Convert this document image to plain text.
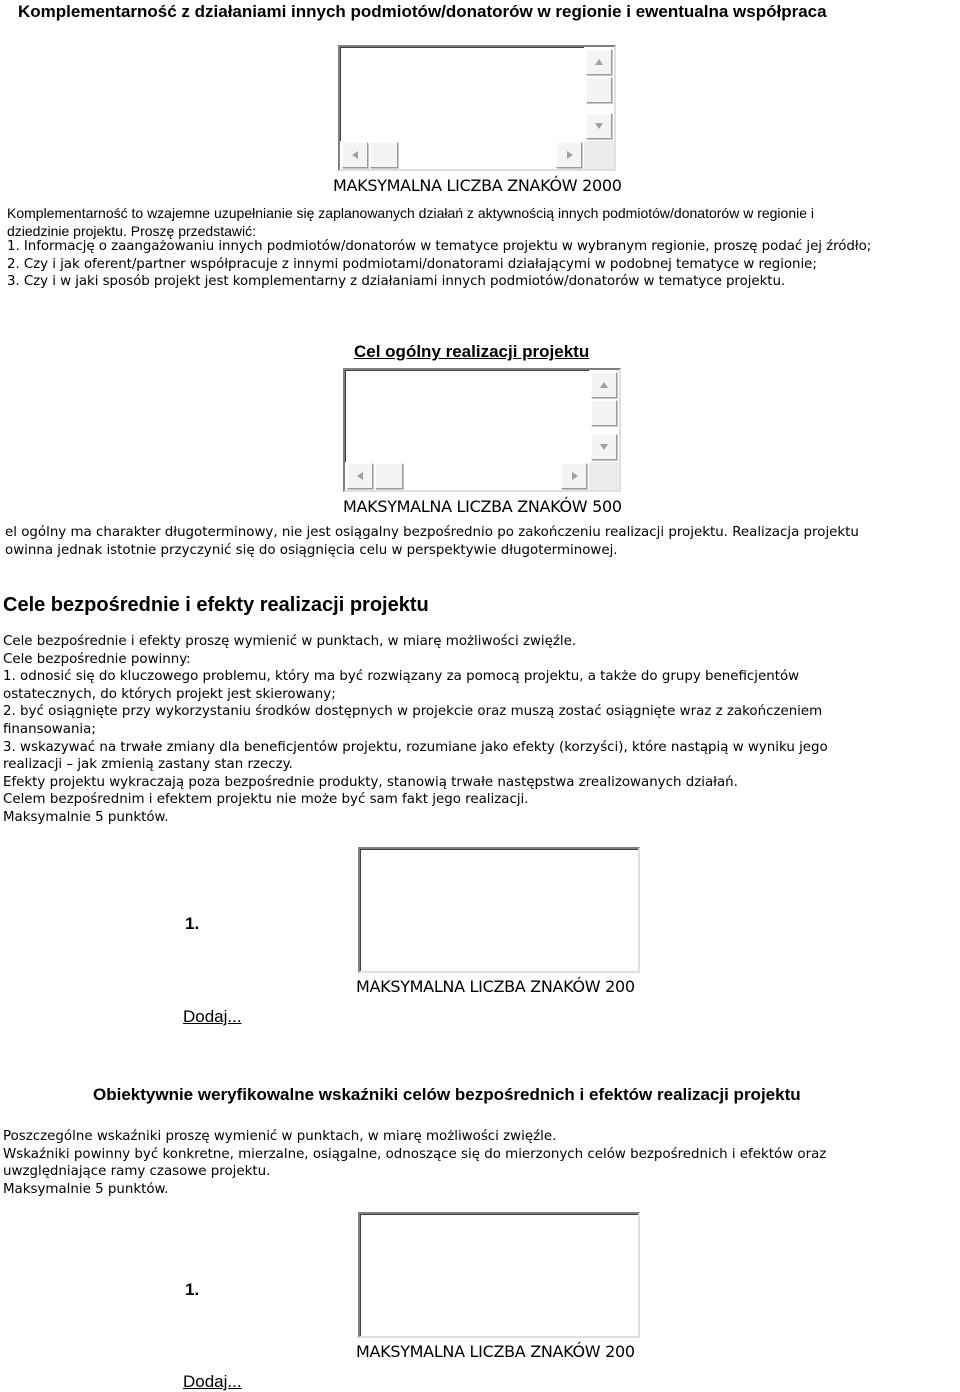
Komplementarność z działaniami innych podmiotów/donatorów w regionie i ewentualna współpraca
MAKSYMALNA LICZBA ZNAKÓW 2000
Komplementarność to wzajemne uzupełnianie się zaplanowanych działań z aktywnością innych podmiotów/donatorów w regionie i
dziedzinie projektu. Proszę przedstawić:
1. Informację o zaangażowaniu innych podmiotów/donatorów w tematyce projektu w wybranym regionie, proszę podać jej źródło;
2. Czy i jak oferent/partner współpracuje z innymi podmiotami/donatorami działającymi w podobnej tematyce w regionie;
3. Czy i w jaki sposób projekt jest komplementarny z działaniami innych podmiotów/donatorów w tematyce projektu.
Cel ogólny realizacji projektu
MAKSYMALNA LICZBA ZNAKÓW 500
el ogólny ma charakter długoterminowy, nie jest osiągalny bezpośrednio po zakończeniu realizacji projektu. Realizacja projektu
owinna jednak istotnie przyczynić się do osiągnięcia celu w perspektywie długoterminowej.
Cele bezpośrednie i efekty realizacji projektu
Cele bezpośrednie i efekty proszę wymienić w punktach, w miarę możliwości zwięźle.
Cele bezpośrednie powinny:
1. odnosić się do kluczowego problemu, który ma być rozwiązany za pomocą projektu, a także do grupy beneficjentów
ostatecznych, do których projekt jest skierowany;
2. być osiągnięte przy wykorzystaniu środków dostępnych w projekcie oraz muszą zostać osiągnięte wraz z zakończeniem
finansowania;
3. wskazywać na trwałe zmiany dla beneficjentów projektu, rozumiane jako efekty (korzyści), które nastąpią w wyniku jego
realizacji – jak zmienią zastany stan rzeczy.
Efekty projektu wykraczają poza bezpośrednie produkty, stanowią trwałe następstwa zrealizowanych działań.
Celem bezpośrednim i efektem projektu nie może być sam fakt jego realizacji.
Maksymalnie 5 punktów.
1.
MAKSYMALNA LICZBA ZNAKÓW 200
Dodaj...
Obiektywnie weryfikowalne wskaźniki celów bezpośrednich i efektów realizacji projektu
Poszczególne wskaźniki proszę wymienić w punktach, w miarę możliwości zwięźle.
Wskaźniki powinny być konkretne, mierzalne, osiągalne, odnoszące się do mierzonych celów bezpośrednich i efektów oraz
uwzględniające ramy czasowe projektu.
Maksymalnie 5 punktów.
1.
MAKSYMALNA LICZBA ZNAKÓW 200
Dodaj...
